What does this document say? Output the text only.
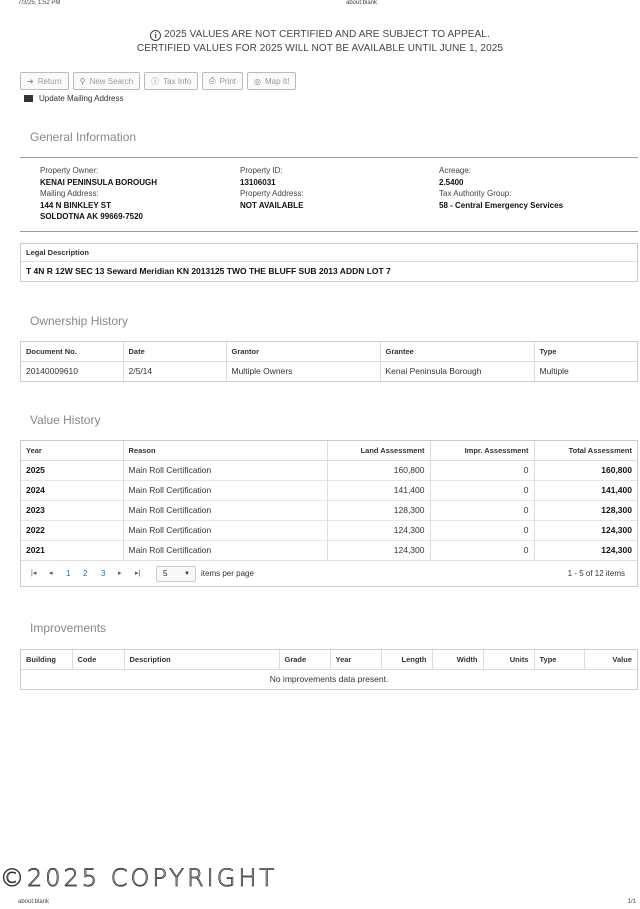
7/3/25, 1:52 PM	about:blank
i 2025 VALUES ARE NOT CERTIFIED AND ARE SUBJECT TO APPEAL.
CERTIFIED VALUES FOR 2025 WILL NOT BE AVAILABLE UNTIL JUNE 1, 2025
➔ Return ⚲ New Search ⓘ Tax Info ⎙ Print ◎ Map It!
Update Mailing Address
General Information
Property Owner:
KENAI PENINSULA BOROUGH
Mailing Address:
144 N BINKLEY ST
SOLDOTNA AK 99669-7520
Property ID:
13106031
Property Address:
NOT AVAILABLE
Acreage:
2.5400
Tax Authority Group:
58 - Central Emergency Services
Legal Description
T 4N R 12W SEC 13 Seward Meridian KN 2013125 TWO THE BLUFF SUB 2013 ADDN LOT 7
Ownership History
Document No.	Date	Grantor	Grantee	Type
20140009610	2/5/14	Multiple Owners	Kenai Peninsula Borough	Multiple
Value History
Year	Reason	Land Assessment	Impr. Assessment	Total Assessment
2025	Main Roll Certification	160,800	0	160,800
2024	Main Roll Certification	141,400	0	141,400
2023	Main Roll Certification	128,300	0	128,300
2022	Main Roll Certification	124,300	0	124,300
2021	Main Roll Certification	124,300	0	124,300
|◂ ◂ 1 2 3 ▸ ▸|	5	▼ items per page	1 - 5 of 12 items
Improvements
Building	Code	Description	Grade	Year	Length	Width	Units	Type	Value
No improvements data present.
©2025 COPYRIGHT
about:blank	1/1
